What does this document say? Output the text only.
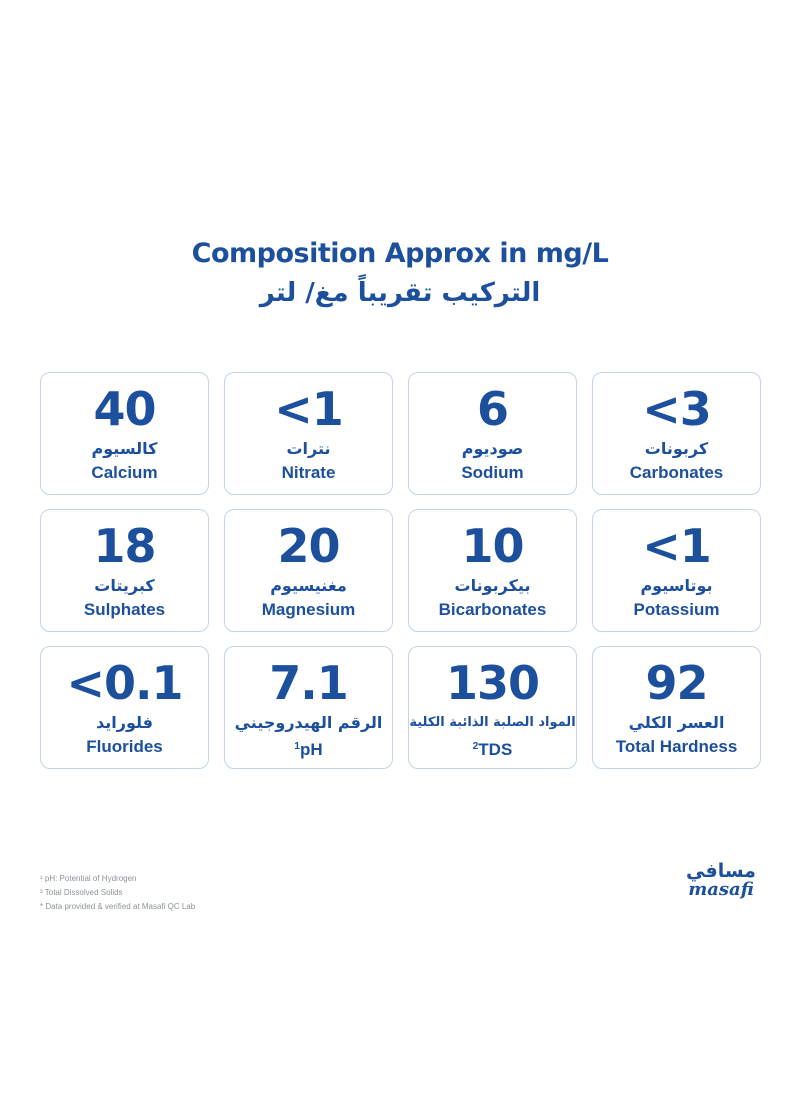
Composition Approx in mg/L
التركيب تقريباً مغ/ لتر
40
كالسيوم
Calcium
<1
نترات
Nitrate
6
صوديوم
Sodium
<3
كربونات
Carbonates
18
كبريتات
Sulphates
20
مغنيسيوم
Magnesium
10
بيكربونات
Bicarbonates
<1
بوتاسيوم
Potassium
<0.1
فلورايد
Fluorides
7.1
الرقم الهيدروجيني
$^1$pH
130
المواد الصلبة الذائبة الكلية
$^2$TDS
92
العسر الكلي
Total Hardness
¹ pH: Potential of Hydrogen
² Total Dissolved Solids
* Data provided & verified at Masafi QC Lab
مسافي
masafi
